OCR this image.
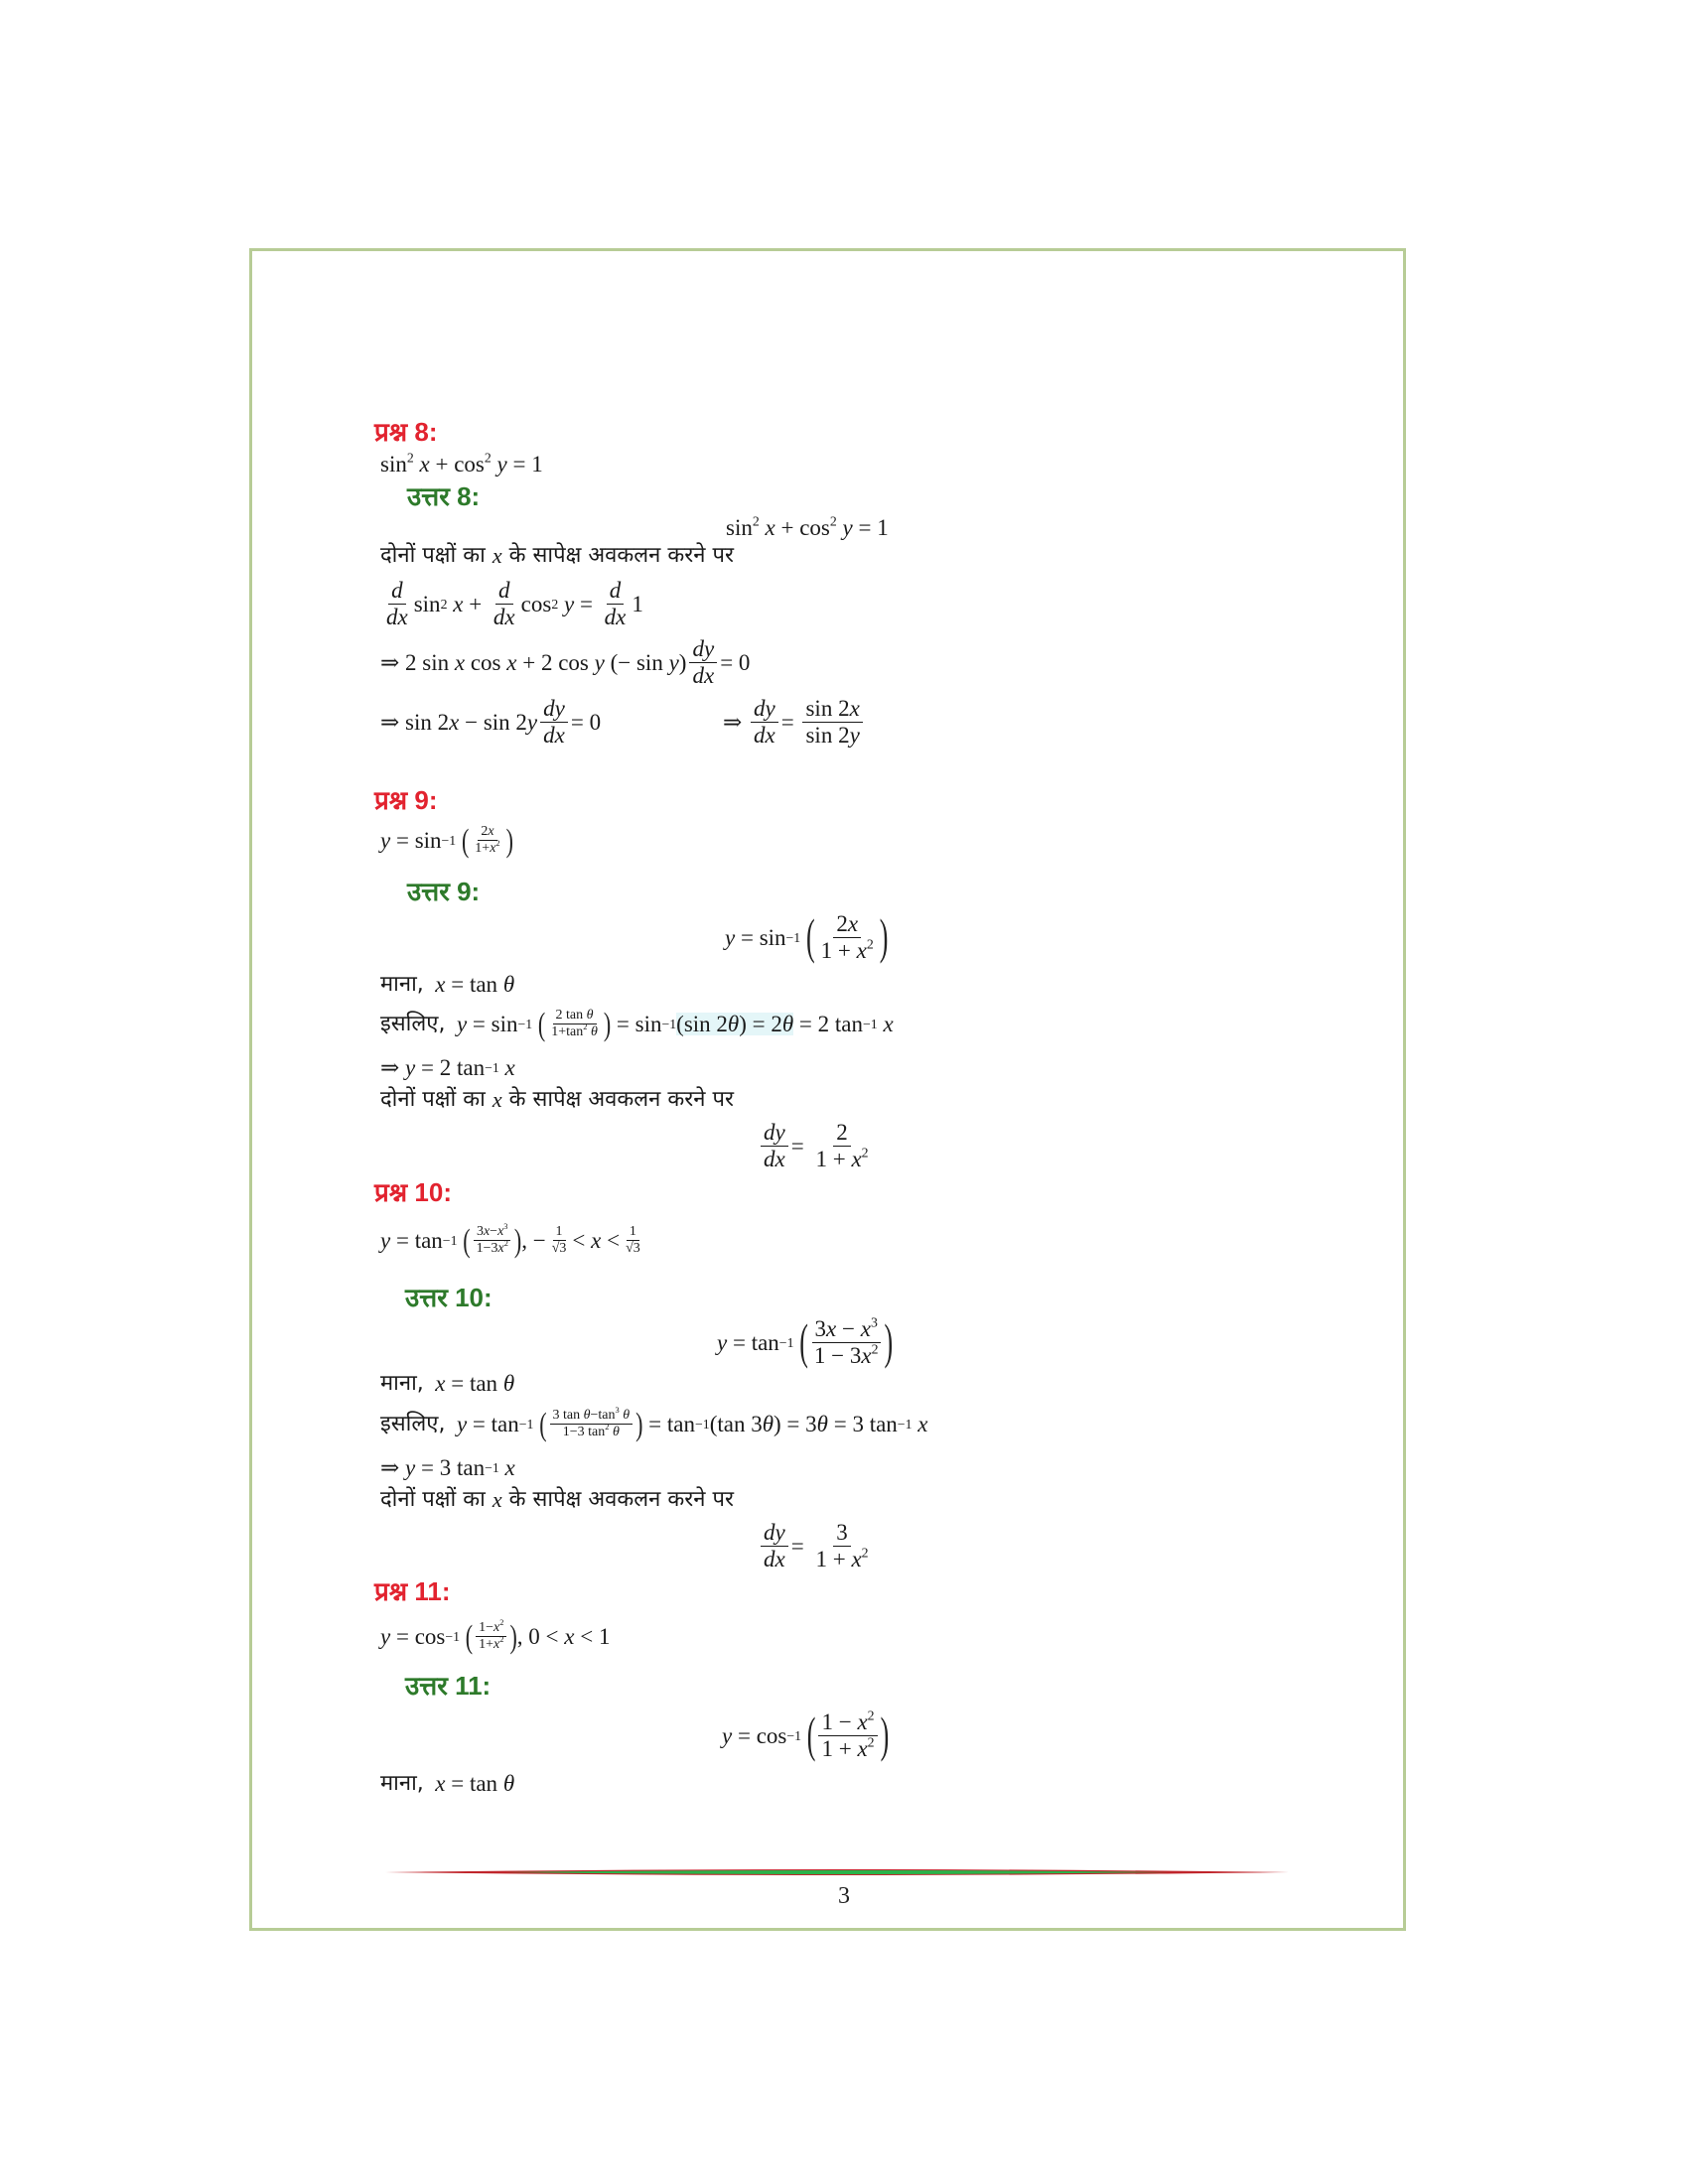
प्रश्न 8:
$\sin^2 x + \cos^2 y = 1$
उत्तर 8:
$\sin^2 x + \cos^2 y = 1$
दोनों पक्षों का
x
के सापेक्ष अवकलन करने पर
$\frac{d}{dx}$ sin 2
$x + \frac{d}{dx}$ cos 2
$y = \frac{d}{dx} 1$
⇒ 2 sin x cos x + 2 cos y (− sin y ) $\frac{dy}{dx} = 0$
⇒ sin 2 x − sin 2 y $\frac{dy}{dx} = 0$	⇒ $\frac{dy}{dx} = \frac{\sin 2x}{\sin 2y}$
प्रश्न 9:
y = sin −1
( $\frac{2x}{1+x^2}$ )
उत्तर 9:
y = sin −1
( $\frac{2x}{1 + x^2}$ )
माना,
x = tan θ
इसलिए,
y = sin −1
( $\frac{\text{2 tan θ}}{1+\tan^2 \theta}$ ) = sin −1 (sin 2θ) = 2θ = 2 tan −1
x
⇒ y = 2 tan −1
x
दोनों पक्षों का
x
के सापेक्ष अवकलन करने पर
$\frac{dy}{dx} = \frac{2}{1 + x^2}$
प्रश्न 10:
y = tan −1
( $\frac{3x-x^3}{1-3x^2}$ ) , − $\frac{1}{√3} < x < \frac{1}{√3}$
उत्तर 10:
y = tan −1
( $\frac{3x - x^3}{1 - 3x^2}$ )
माना,
x = tan θ
इसलिए,
y = tan −1
( $\frac{3 \tan \theta-\tan^3 \theta}{1-3 \tan^2 \theta}$ ) = tan −1 (tan 3 θ ) = 3 θ = 3 tan −1
x
⇒ y = 3 tan −1
x
दोनों पक्षों का
x
के सापेक्ष अवकलन करने पर
$\frac{dy}{dx} = \frac{3}{1 + x^2}$
प्रश्न 11:
y = cos −1
( $\frac{1-x^2}{1+x^2}$ ) , 0 < x < 1
उत्तर 11:
y = cos −1
( $\frac{1 - x^2}{1 + x^2}$ )
माना,
x = tan θ
3
